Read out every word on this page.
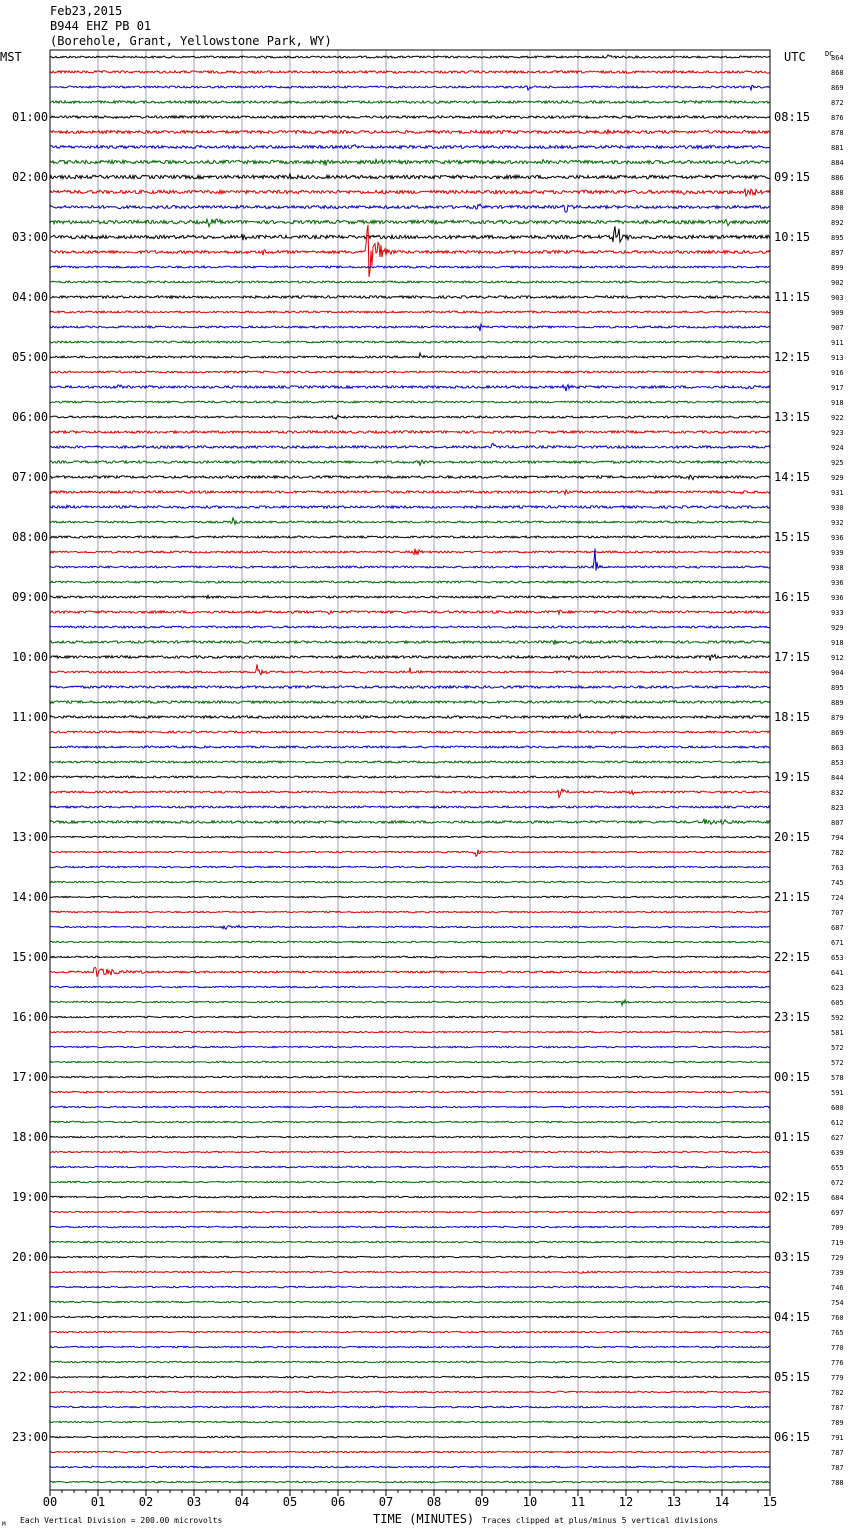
Feb23,2015
B944 EHZ PB 01
(Borehole, Grant, Yellowstone Park, WY)
00	01	02	03	04	05	06	07	08	09	10	11	12	13	14	15
01:00
02:00
03:00
04:00
05:00
06:00
07:00
08:00
09:00
10:00
11:00
12:00
13:00
14:00
15:00
16:00
17:00
18:00
19:00
20:00
21:00
22:00
23:00
08:15
09:15
10:15
11:15
12:15
13:15
14:15
15:15
16:15
17:15
18:15
19:15
20:15
21:15
22:15
23:15
00:15
01:15
02:15
03:15
04:15
05:15
06:15
864
868
869
872
876
878
881
884
886
888
890
892
895
897
899
902
903
909
907
911
913
916
917
918
922
923
924
925
929
931
930
932
936
939
938
936
936
933
929
918
912
904
895
889
879
869
863
853
844
832
823
807
794
782
763
745
724
707
687
671
653
641
623
605
592
581
572
572
578
591
600
612
627
639
655
672
684
697
709
719
729
739
746
754
760
765
770
776
779
782
787
789
791
787
787
788
MST	UTC	DC
TIME (MINUTES)
M Each Vertical Division = 200.00 microvolts	Traces clipped at plus/minus 5 vertical divisions
